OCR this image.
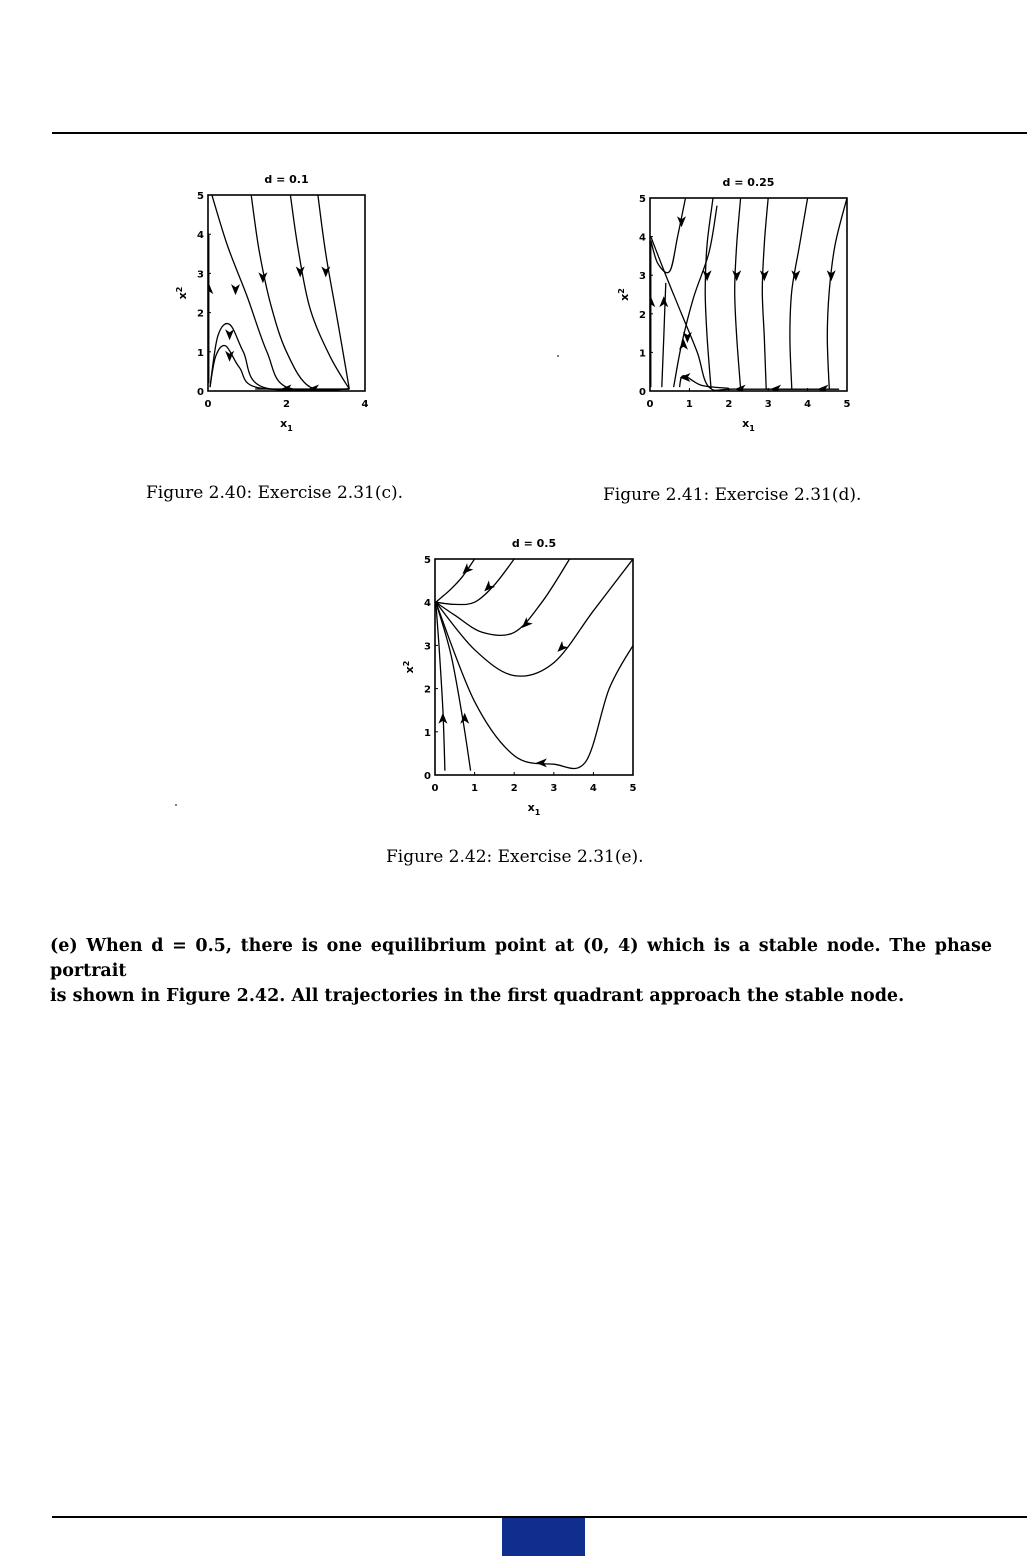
d = 0.1
0	2	4
0
1
2
3
4
5
$x_1$
$x^2$
Figure 2.40: Exercise 2.31(c).
d = 0.25
0	1	2	3	4	5
0
1
2
3
4
5
$x_1$
$x^2$
Figure 2.41: Exercise 2.31(d).
d = 0.5
0	1	2	3	4	5
0
1
2
3
4
5
$x_1$
$x^2$
Figure 2.42: Exercise 2.31(e).
(e) When d = 0.5, there is one equilibrium point at (0, 4) which is a stable node. The phase portrait
is shown in Figure 2.42. All trajectories in the first quadrant approach the stable node.
